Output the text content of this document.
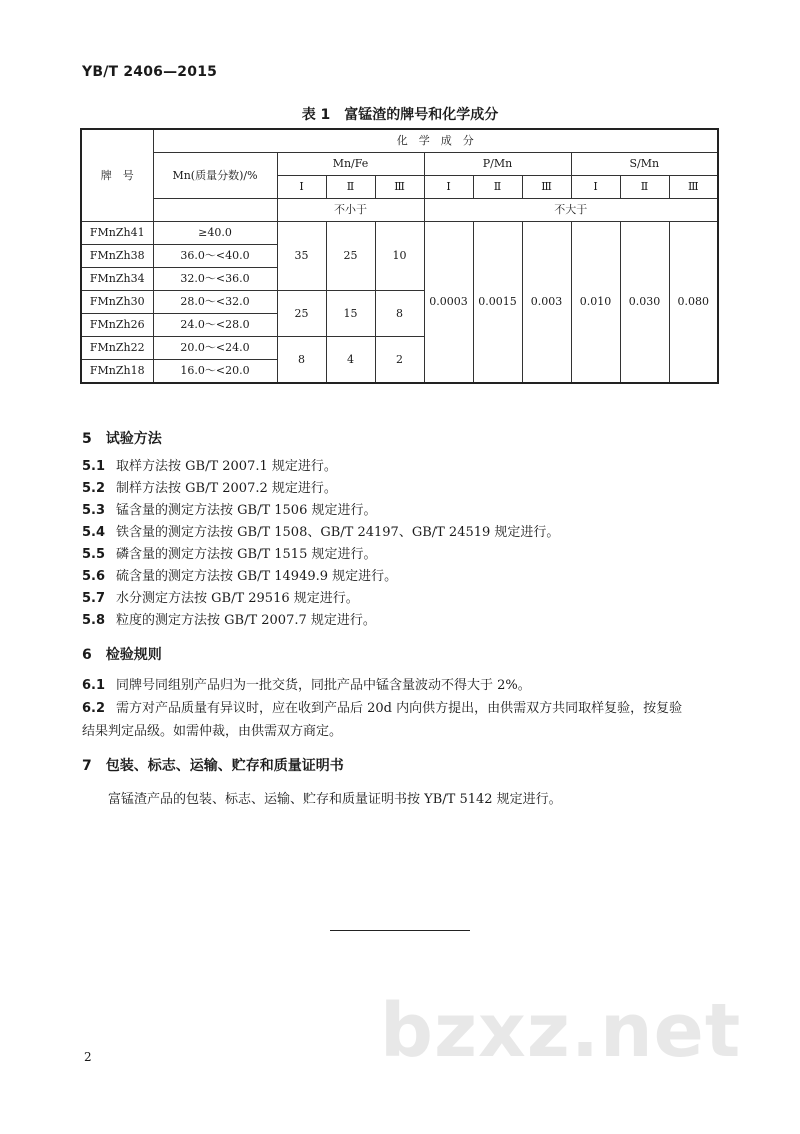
YB/T 2406—2015
表 1　富锰渣的牌号和化学成分
牌　号	化　学　成　分									
	Mn(质量分数)/%	Mn/Fe			P/Mn			S/Mn		
		Ⅰ	Ⅱ	Ⅲ	Ⅰ	Ⅱ	Ⅲ	Ⅰ	Ⅱ	Ⅲ
		不小于			不大于					
FMnZh41	≥40.0	35	25	10	0.0003	0.0015	0.003	0.010	0.030	0.080
FMnZh38	36.0～<40.0									
FMnZh34	32.0～<36.0									
FMnZh30	28.0～<32.0	25	15	8						
FMnZh26	24.0～<28.0									
FMnZh22	20.0～<24.0	8	4	2						
FMnZh18	16.0～<20.0									
5　试验方法
5.1 取样方法按 GB/T 2007.1 规定进行。
5.2 制样方法按 GB/T 2007.2 规定进行。
5.3 锰含量的测定方法按 GB/T 1506 规定进行。
5.4 铁含量的测定方法按 GB/T 1508、GB/T 24197、GB/T 24519 规定进行。
5.5 磷含量的测定方法按 GB/T 1515 规定进行。
5.6 硫含量的测定方法按 GB/T 14949.9 规定进行。
5.7 水分测定方法按 GB/T 29516 规定进行。
5.8 粒度的测定方法按 GB/T 2007.7 规定进行。
6　检验规则
6.1 同牌号同组别产品归为一批交货，同批产品中锰含量波动不得大于 2%。
6.2 需方对产品质量有异议时，应在收到产品后 20d 内向供方提出，由供需双方共同取样复验，按复验
结果判定品级。如需仲裁，由供需双方商定。
7　包装、标志、运输、贮存和质量证明书
富锰渣产品的包装、标志、运输、贮存和质量证明书按 YB/T 5142 规定进行。
bzxz.net
2
